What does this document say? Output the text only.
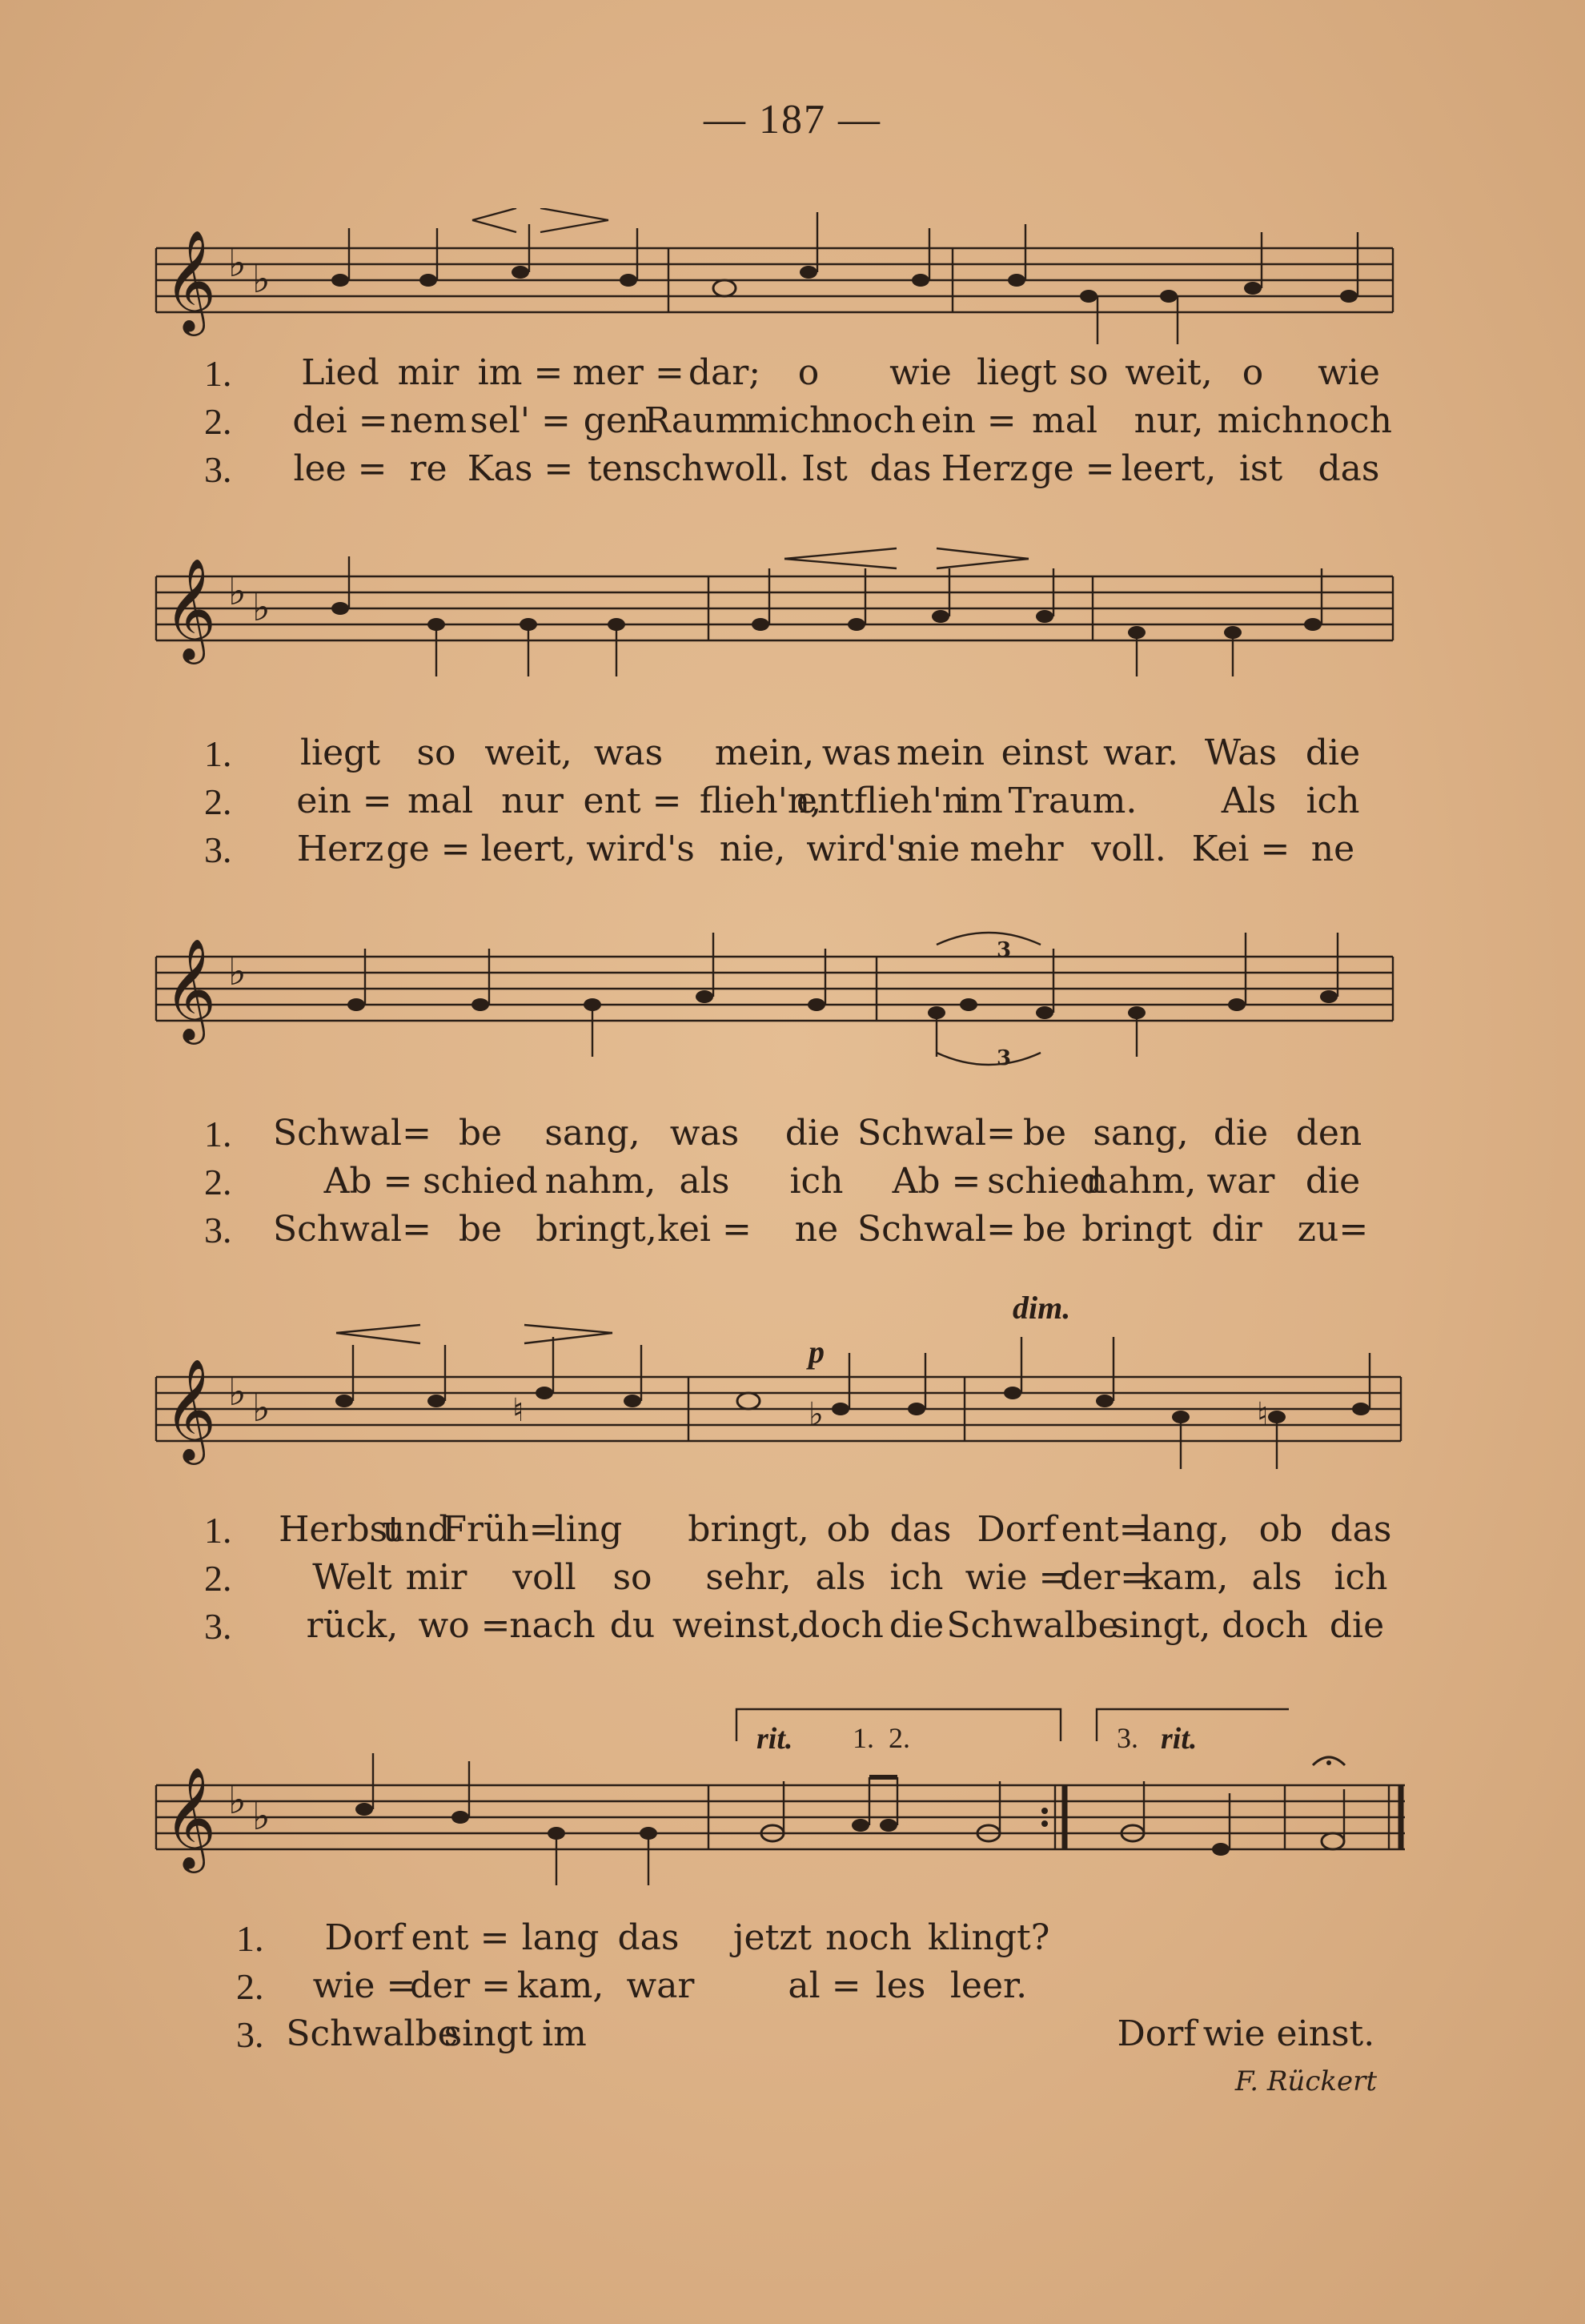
— 187 —
𝄞 ♭ ♭
1. Lied mir im = mer = dar; o wie liegt so weit, o wie
2. dei = nem sel' = gen
Raum
mich
noch ein = mal nur, mich noch
3. lee = re Kas = ten
schwoll. Ist das Herz ge = leert, ist das
𝄞 ♭ ♭
1. liegt so weit, was mein, was mein einst war. Was die
2. ein = mal nur ent = flieh'n,
entflieh'n
im Traum. Als ich
3. Herz ge = leert, wird's nie, wird's
nie mehr voll. Kei = ne
3
3
𝄞 ♭
1. Schwal= be sang, was die Schwal= be sang, die den
2.	Ab = schied nahm, als ich Ab = schied
nahm, war die
3. Schwal= be bringt, kei = ne Schwal= be bringt dir zu=
dim.
p
𝄞 ♭ ♭	♮	♭	♮
1. Herbst
und
Früh=
ling bringt, ob das Dorf ent=
lang, ob das
2. Welt mir voll so sehr, als ich wie =
der=
kam, als ich
3. rück, wo =
nach du weinst,
doch die Schwalbe
singt, doch die
rit. 1.  2.	3. rit.
𝄞 ♭ ♭
1. Dorf ent = lang das jetzt noch klingt?
2. wie =
der = kam, war	al = les leer.
3. Schwalbe
singt im	Dorf wie einst.
F. Rückert
